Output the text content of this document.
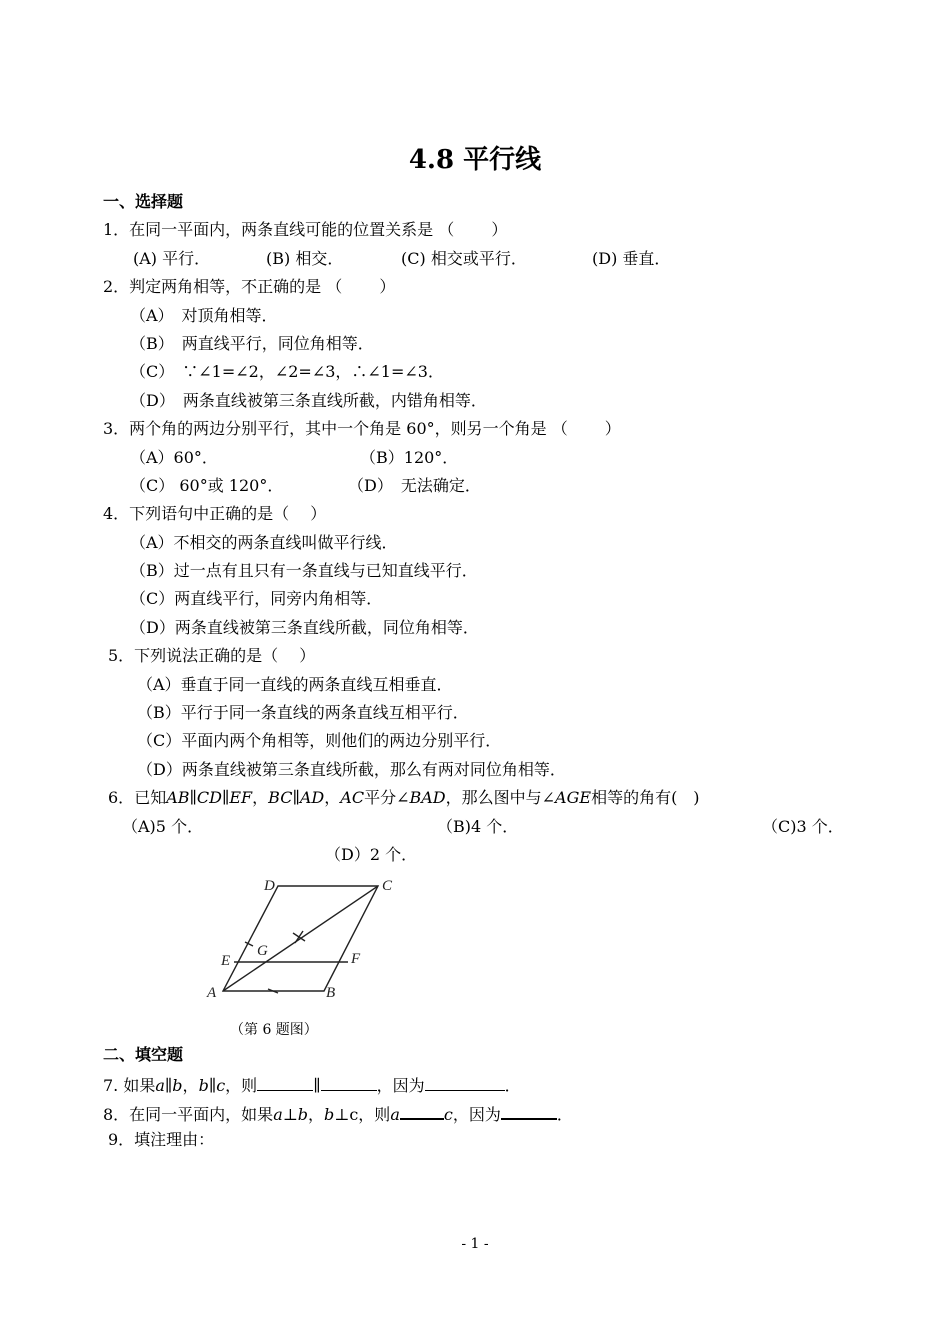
4.8 平行线
一、选择题
1．在同一平面内，两条直线可能的位置关系是 （　　 ）
(A) 平行．	(B) 相交．	(C) 相交或平行．	(D) 垂直．
2．判定两角相等，不正确的是 （　　 ）
（A）　对顶角相等．
（B）　两直线平行，同位角相等．
（C）　∵∠1=∠2，∠2=∠3，∴∠1=∠3．
（D）　两条直线被第三条直线所截，内错角相等．
3．两个角的两边分别平行，其中一个角是 60°，则另一个角是 （　　 ）
（A）60°．	（B）120°．
（C） 60°或 120°．	（D）　无法确定．
4．下列语句中正确的是（　 ）
（A）不相交的两条直线叫做平行线．
（B）过一点有且只有一条直线与已知直线平行．
（C）两直线平行，同旁内角相等．
（D）两条直线被第三条直线所截，同位角相等．
5．下列说法正确的是（　 ）
（A）垂直于同一直线的两条直线互相垂直．
（B）平行于同一条直线的两条直线互相平行．
（C）平面内两个角相等，则他们的两边分别平行．
（D）两条直线被第三条直线所截，那么有两对同位角相等．
6．已知AB∥CD∥EF，BC∥AD，AC平分∠BAD，那么图中与∠AGE相等的角有(　)
（A)5 个．	（B)4 个．	（C)3 个．
（D）2 个．
A	B
C
D
E	F
G
（第 6 题图）
二、填空题
7. 如果a∥b，b∥c，则	∥	，因为	．
8．在同一平面内，如果a⊥b，b⊥c，则a	c，因为	．
9．填注理由：
- 1 -
